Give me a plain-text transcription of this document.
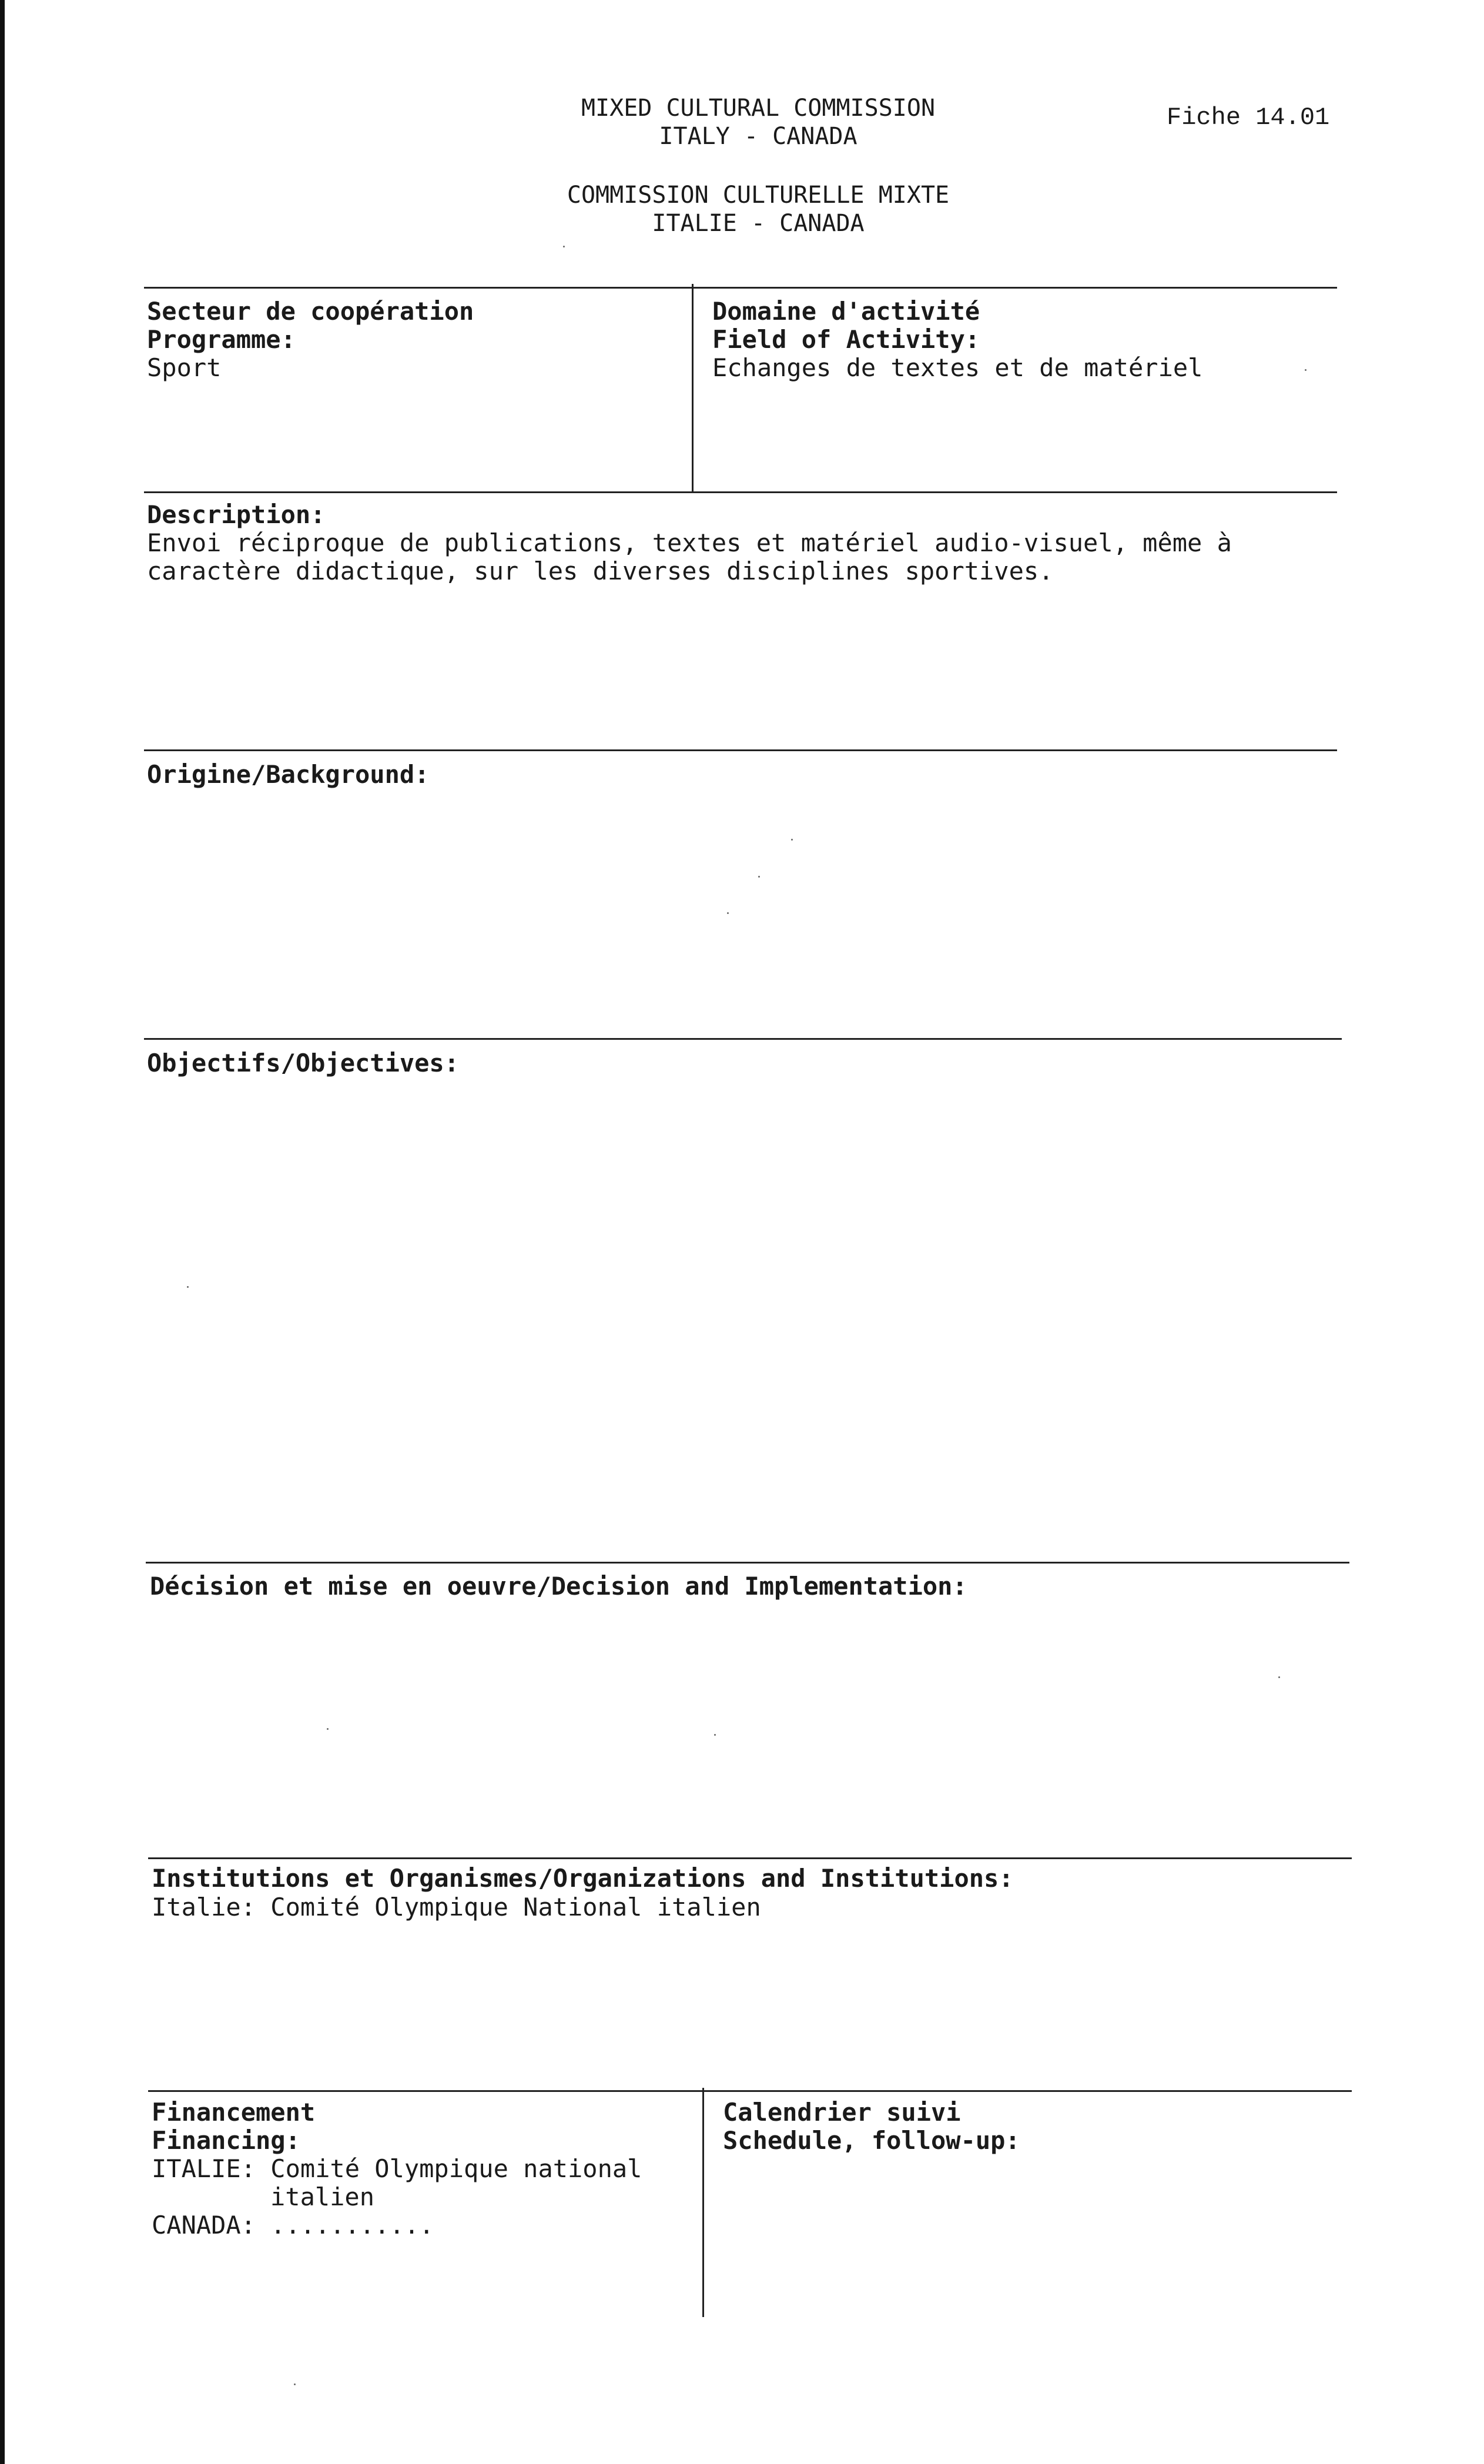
MIXED CULTURAL COMMISSION
ITALY - CANADA
COMMISSION CULTURELLE MIXTE
ITALIE - CANADA
Fiche 14.01
Secteur de coopération
Programme:
Sport
Domaine d'activité
Field of Activity:
Echanges de textes et de matériel
Description:
Envoi réciproque de publications, textes et matériel audio-visuel, même à
caractère didactique, sur les diverses disciplines sportives.
Origine/Background:
Objectifs/Objectives:
Décision et mise en oeuvre/Decision and Implementation:
Institutions et Organismes/Organizations and Institutions:
Italie: Comité Olympique National italien
Financement
Financing:
ITALIE: Comité Olympique national
italien
CANADA: ...........
Calendrier suivi
Schedule, follow-up:
